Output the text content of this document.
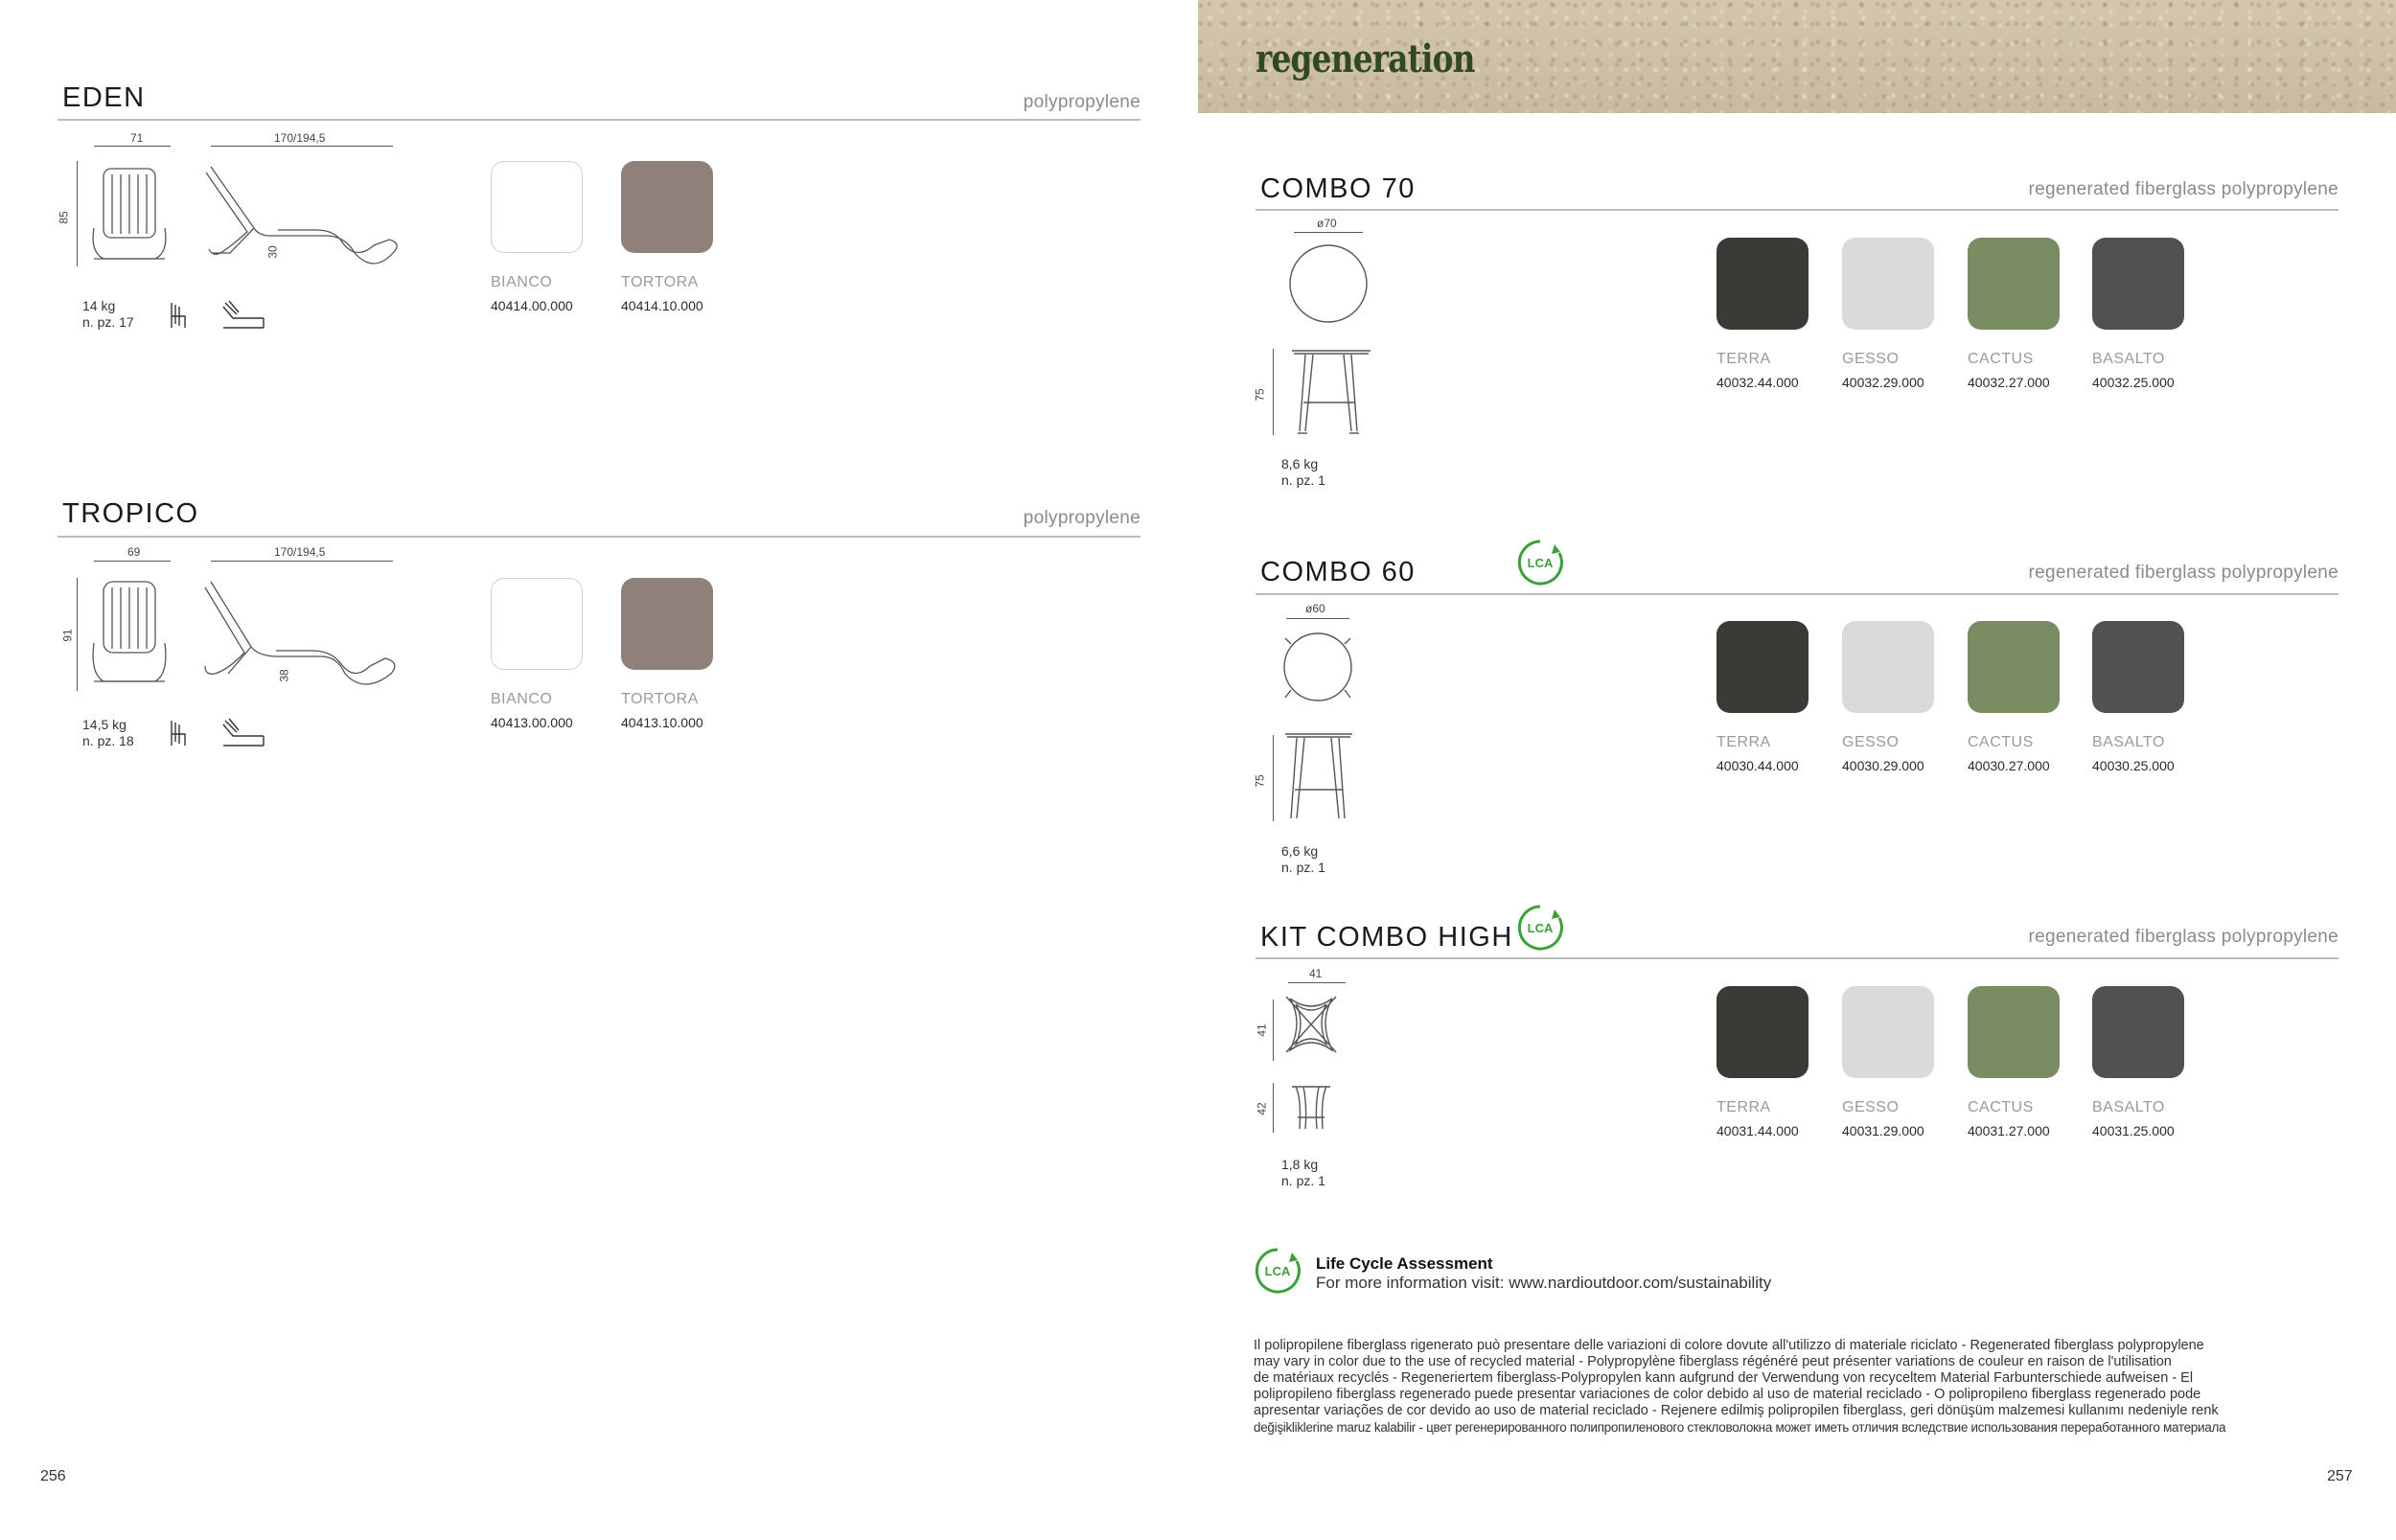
EDEN	polypropylene
71	170/194,5
85
30
14 kg
n. pz. 17
BIANCO
40414.00.000
TORTORA
40414.10.000
TROPICO	polypropylene
69	170/194,5
91
38
14,5 kg
n. pz. 18
BIANCO
40413.00.000
TORTORA
40413.10.000
256
regeneration
COMBO 70	regenerated fiberglass polypropylene
ø70
75
8,6 kg
n. pz. 1
TERRA
40032.44.000
GESSO
40032.29.000
CACTUS
40032.27.000
BASALTO
40032.25.000
COMBO 60	LCA	regenerated fiberglass polypropylene
ø60
75
6,6 kg
n. pz. 1
TERRA
40030.44.000
GESSO
40030.29.000
CACTUS
40030.27.000
BASALTO
40030.25.000
KIT COMBO HIGH LCA	regenerated fiberglass polypropylene
41
41
42
1,8 kg
n. pz. 1
TERRA
40031.44.000
GESSO
40031.29.000
CACTUS
40031.27.000
BASALTO
40031.25.000
LCA Life Cycle Assessment
For more information visit: www.nardioutdoor.com/sustainability
Il polipropilene fiberglass rigenerato può presentare delle variazioni di colore dovute all'utilizzo di materiale riciclato - Regenerated fiberglass polypropylene
may vary in color due to the use of recycled material - Polypropylène fiberglass régénéré peut présenter variations de couleur en raison de l'utilisation
de matériaux recyclés - Regeneriertem fiberglass-Polypropylen kann aufgrund der Verwendung von recyceltem Material Farbunterschiede aufweisen - El
polipropileno fiberglass regenerado puede presentar variaciones de color debido al uso de material reciclado - O polipropileno fiberglass regenerado pode
apresentar variações de cor devido ao uso de material reciclado - Rejenere edilmiş polipropilen fiberglass, geri dönüşüm malzemesi kullanımı nedeniyle renk
değişikliklerine maruz kalabilir - цвет регенерированного полипропиленового стекловолокна может иметь отличия вследствие использования переработанного материала
257
